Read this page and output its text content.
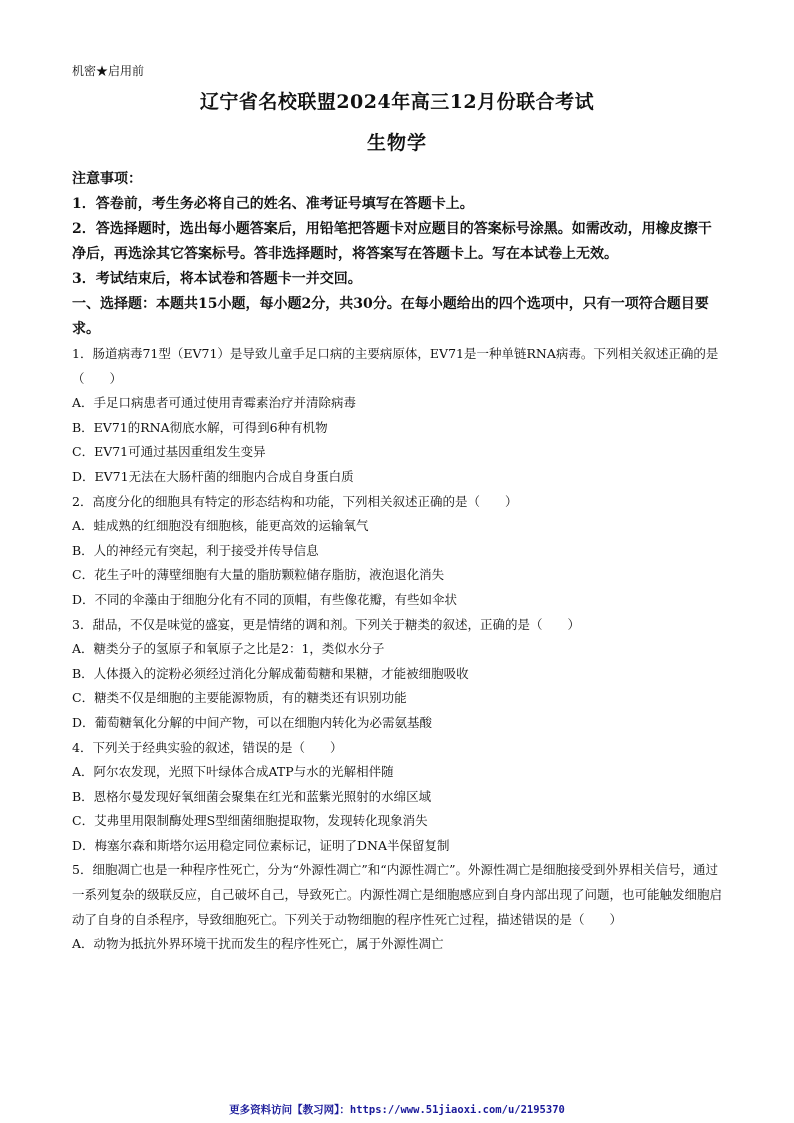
机密★启用前
辽宁省名校联盟2024年高三12月份联合考试
生物学
注意事项：
1．答卷前，考生务必将自己的姓名、准考证号填写在答题卡上。
2．答选择题时，选出每小题答案后，用铅笔把答题卡对应题目的答案标号涂黑。如需改动，用橡皮擦干净后，再选涂其它答案标号。答非选择题时，将答案写在答题卡上。写在本试卷上无效。
3．考试结束后，将本试卷和答题卡一并交回。
一、选择题：本题共15小题，每小题2分，共30分。在每小题给出的四个选项中，只有一项符合题目要求。
1．肠道病毒71型（EV71）是导致儿童手足口病的主要病原体，EV71是一种单链RNA病毒。下列相关叙述正确的是（　　）
A．手足口病患者可通过使用青霉素治疗并清除病毒
B．EV71的RNA彻底水解，可得到6种有机物
C．EV71可通过基因重组发生变异
D．EV71无法在大肠杆菌的细胞内合成自身蛋白质
2．高度分化的细胞具有特定的形态结构和功能，下列相关叙述正确的是（　　）
A．蛙成熟的红细胞没有细胞核，能更高效的运输氧气
B．人的神经元有突起，利于接受并传导信息
C．花生子叶的薄壁细胞有大量的脂肪颗粒储存脂肪，液泡退化消失
D．不同的伞藻由于细胞分化有不同的顶帽，有些像花瓣，有些如伞状
3．甜品，不仅是味觉的盛宴，更是情绪的调和剂。下列关于糖类的叙述，正确的是（　　）
A．糖类分子的氢原子和氧原子之比是2：1，类似水分子
B．人体摄入的淀粉必须经过消化分解成葡萄糖和果糖，才能被细胞吸收
C．糖类不仅是细胞的主要能源物质，有的糖类还有识别功能
D．葡萄糖氧化分解的中间产物，可以在细胞内转化为必需氨基酸
4．下列关于经典实验的叙述，错误的是（　　）
A．阿尔农发现，光照下叶绿体合成ATP与水的光解相伴随
B．恩格尔曼发现好氧细菌会聚集在红光和蓝紫光照射的水绵区域
C．艾弗里用限制酶处理S型细菌细胞提取物，发现转化现象消失
D．梅塞尔森和斯塔尔运用稳定同位素标记，证明了DNA半保留复制
5．细胞凋亡也是一种程序性死亡，分为“外源性凋亡”和“内源性凋亡”。外源性凋亡是细胞接受到外界相关信号，通过一系列复杂的级联反应，自己破坏自己，导致死亡。内源性凋亡是细胞感应到自身内部出现了问题，也可能触发细胞启动了自身的自杀程序，导致细胞死亡。下列关于动物细胞的程序性死亡过程，描述错误的是（　　）
A．动物为抵抗外界环境干扰而发生的程序性死亡，属于外源性凋亡
更多资料访问【教习网】：https://www.51jiaoxi.com/u/2195370
